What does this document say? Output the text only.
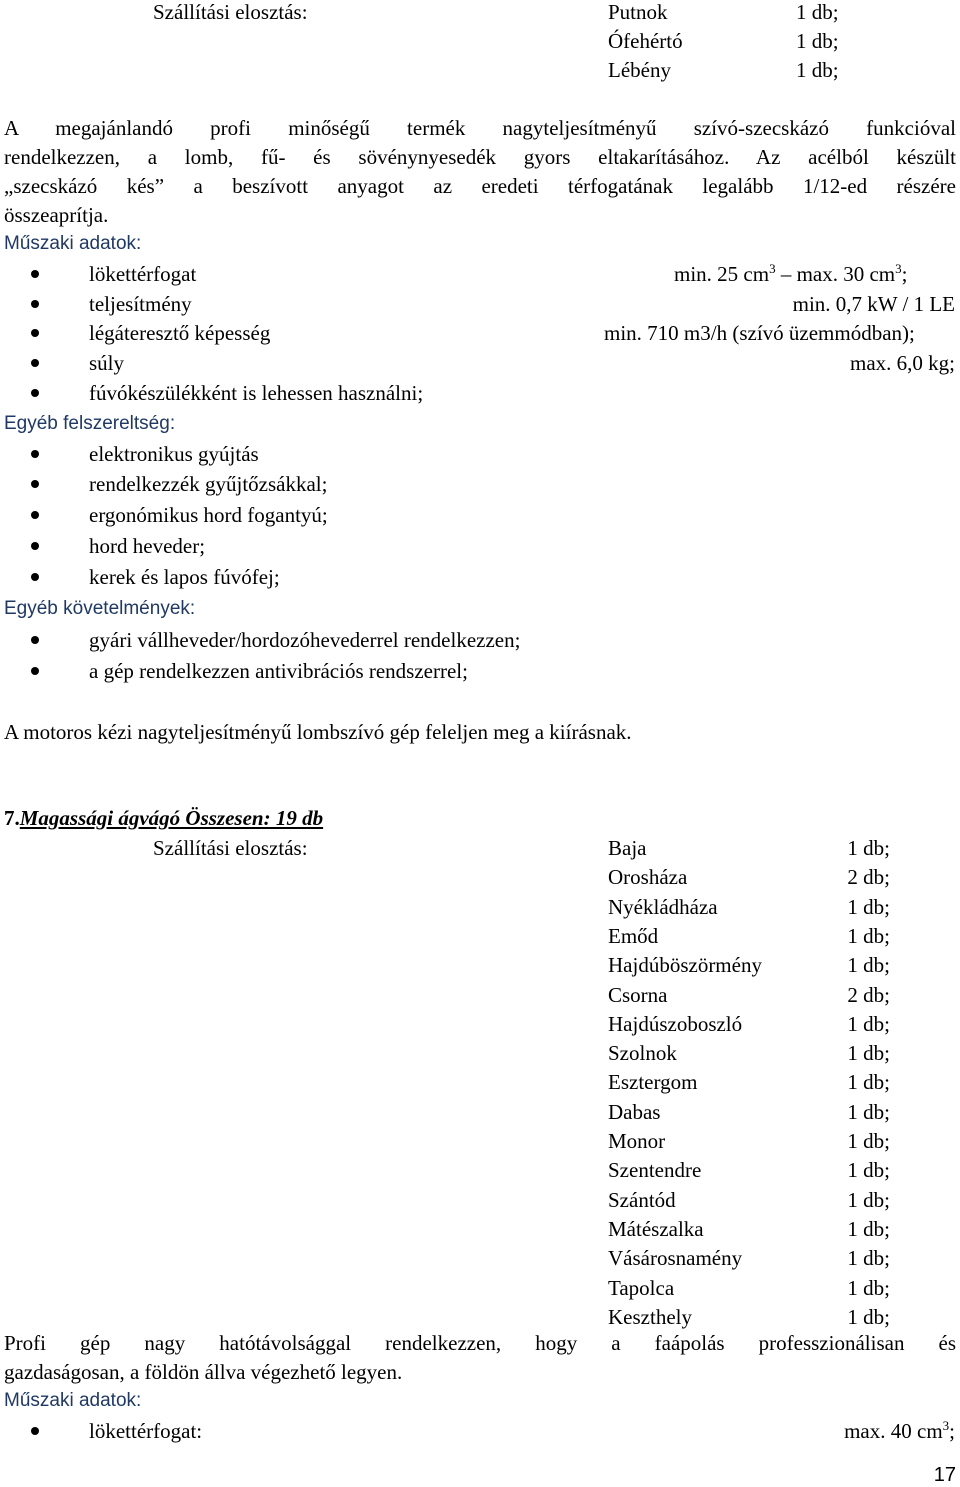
Szállítási elosztás:	Putnok	1 db;
Ófehértó	1 db;
Lébény	1 db;
A megajánlandó profi minőségű termék nagyteljesítményű szívó-szecskázó funkcióval
rendelkezzen, a lomb, fű- és sövénynyesedék gyors eltakarításához. Az acélból készült
„szecskázó kés” a beszívott anyagot az eredeti térfogatának legalább 1/12-ed részére
összeaprítja.
Műszaki adatok:
lökettérfogat	min. 25 $cm^3$ – max. 30 $cm^3$;
teljesítmény	min. 0,7 kW / 1 LE
légáteresztő képesség	min. 710 m3/h (szívó üzemmódban);
súly	max. 6,0 kg;
fúvókészülékként is lehessen használni;
Egyéb felszereltség:
elektronikus gyújtás
rendelkezzék gyűjtőzsákkal;
ergonómikus hord fogantyú;
hord heveder;
kerek és lapos fúvófej;
Egyéb követelmények:
gyári vállheveder/hordozóhevederrel rendelkezzen;
a gép rendelkezzen antivibrációs rendszerrel;
A motoros kézi nagyteljesítményű lombszívó gép feleljen meg a kiírásnak.
7.Magassági ágvágó Összesen: 19 db
Szállítási elosztás:	Baja	1 db;
Orosháza	2 db;
Nyékládháza	1 db;
Emőd	1 db;
Hajdúböszörmény	1 db;
Csorna	2 db;
Hajdúszoboszló	1 db;
Szolnok	1 db;
Esztergom	1 db;
Dabas	1 db;
Monor	1 db;
Szentendre	1 db;
Szántód	1 db;
Mátészalka	1 db;
Vásárosnamény	1 db;
Tapolca	1 db;
Keszthely	1 db;
Profi gép nagy hatótávolsággal rendelkezzen, hogy a faápolás professzionálisan és
gazdaságosan, a földön állva végezhető legyen.
Műszaki adatok:
lökettérfogat:	max. 40 $cm^3$;
17
